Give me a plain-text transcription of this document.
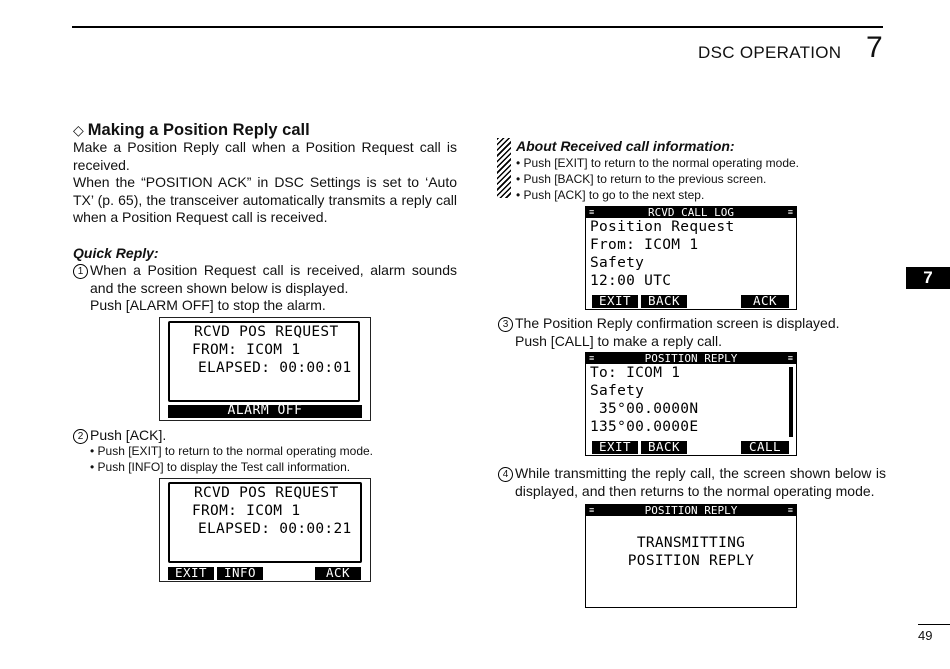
DSC OPERATION 7
7
49
◇ Making a Position Reply call
Make a Position Reply call when a Position Request call is received.
When the “POSITION ACK” in DSC Settings is set to ‘Auto TX’ (p. 65), the transceiver automatically transmits a reply call when a Position Request call is received.
Quick Reply:
1 When a Position Request call is received, alarm sounds and the screen shown below is displayed.
Push [ALARM OFF] to stop the alarm.
RCVD POS REQUEST
FROM: ICOM 1
ELAPSED: 00:00:01
ALARM OFF
2 Push [ACK].
• Push [EXIT] to return to the normal operating mode.
• Push [INFO] to display the Test call information.
RCVD POS REQUEST
FROM: ICOM 1
ELAPSED: 00:00:21
EXIT	INFO	ACK
About Received call information:
• Push [EXIT] to return to the normal operating mode.
• Push [BACK] to return to the previous screen.
• Push [ACK] to go to the next step.
RCVD CALL LOG
≡	≡
Position Request
From: ICOM 1
Safety
12:00 UTC
EXIT	BACK	ACK
3 The Position Reply confirmation screen is displayed.
Push [CALL] to make a reply call.
POSITION REPLY
≡	≡
To: ICOM 1
Safety
35°00.0000N
135°00.0000E
EXIT	BACK	CALL
4 While transmitting the reply call, the screen shown below is displayed, and then returns to the normal operating mode.
POSITION REPLY
≡	≡
TRANSMITTING
POSITION REPLY
